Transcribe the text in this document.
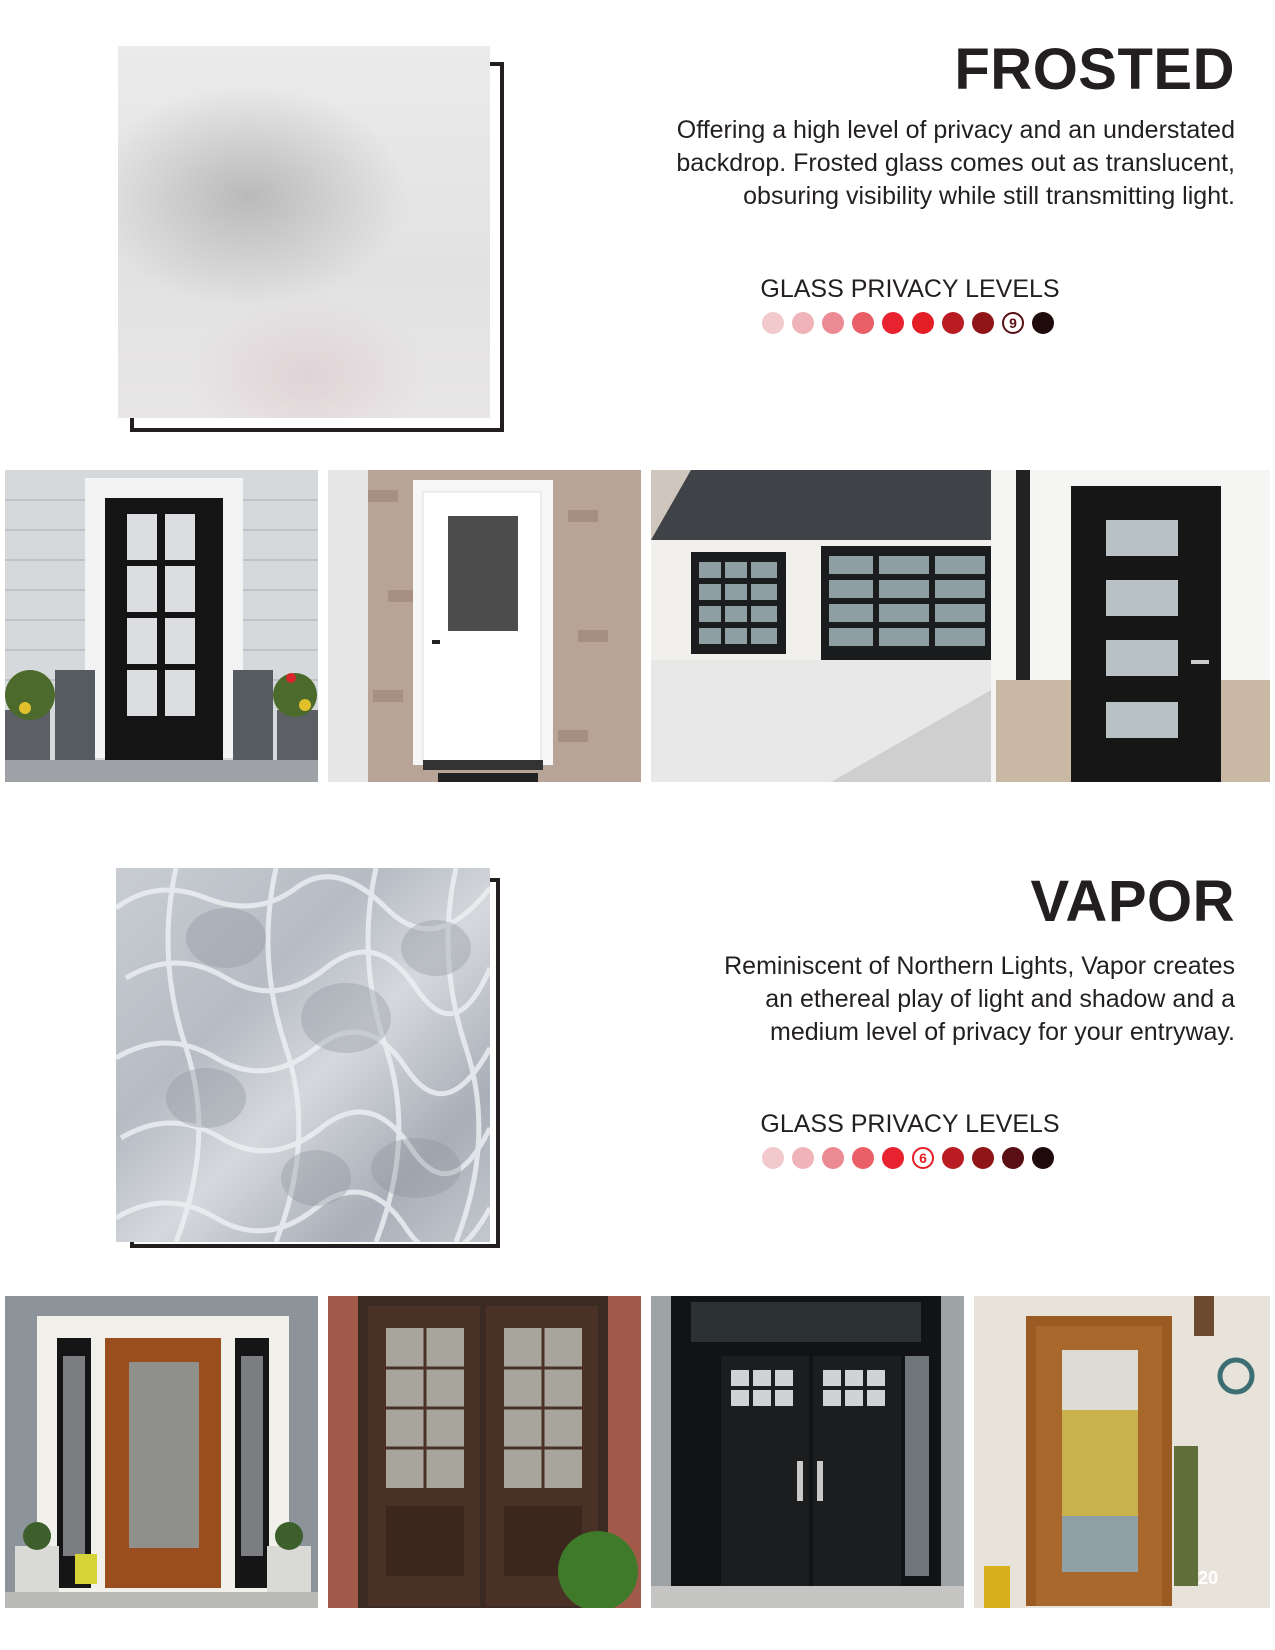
FROSTED
Offering a high level of privacy and an understated
backdrop. Frosted glass comes out as translucent,
obsuring visibility while still transmitting light.
GLASS PRIVACY LEVELS
9
VAPOR
Reminiscent of Northern Lights, Vapor creates
an ethereal play of light and shadow and a
medium level of privacy for your entryway.
GLASS PRIVACY LEVELS
6
20
